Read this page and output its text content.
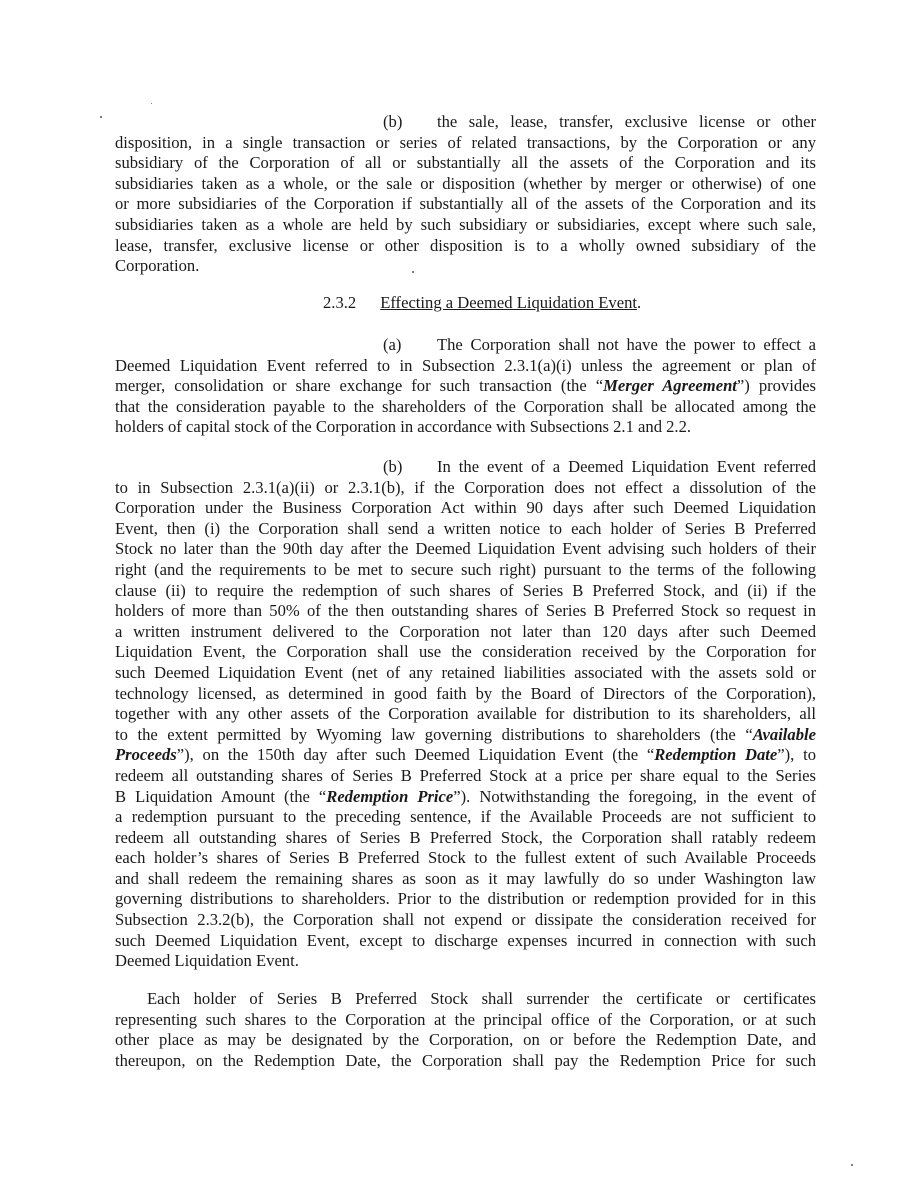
(b) the sale, lease, transfer, exclusive license or other
disposition, in a single transaction or series of related transactions, by the Corporation or any
subsidiary of the Corporation of all or substantially all the assets of the Corporation and its
subsidiaries taken as a whole, or the sale or disposition (whether by merger or otherwise) of one
or more subsidiaries of the Corporation if substantially all of the assets of the Corporation and its
subsidiaries taken as a whole are held by such subsidiary or subsidiaries, except where such sale,
lease, transfer, exclusive license or other disposition is to a wholly owned subsidiary of the
Corporation.
2.3.2 Effecting a Deemed Liquidation Event.
(a) The Corporation shall not have the power to effect a
Deemed Liquidation Event referred to in Subsection 2.3.1(a)(i) unless the agreement or plan of
merger, consolidation or share exchange for such transaction (the “Merger Agreement”) provides
that the consideration payable to the shareholders of the Corporation shall be allocated among the
holders of capital stock of the Corporation in accordance with Subsections 2.1 and 2.2.
(b) In the event of a Deemed Liquidation Event referred
to in Subsection 2.3.1(a)(ii) or 2.3.1(b), if the Corporation does not effect a dissolution of the
Corporation under the Business Corporation Act within 90 days after such Deemed Liquidation
Event, then (i) the Corporation shall send a written notice to each holder of Series B Preferred
Stock no later than the 90th day after the Deemed Liquidation Event advising such holders of their
right (and the requirements to be met to secure such right) pursuant to the terms of the following
clause (ii) to require the redemption of such shares of Series B Preferred Stock, and (ii) if the
holders of more than 50% of the then outstanding shares of Series B Preferred Stock so request in
a written instrument delivered to the Corporation not later than 120 days after such Deemed
Liquidation Event, the Corporation shall use the consideration received by the Corporation for
such Deemed Liquidation Event (net of any retained liabilities associated with the assets sold or
technology licensed, as determined in good faith by the Board of Directors of the Corporation),
together with any other assets of the Corporation available for distribution to its shareholders, all
to the extent permitted by Wyoming law governing distributions to shareholders (the “Available
Proceeds”), on the 150th day after such Deemed Liquidation Event (the “Redemption Date”), to
redeem all outstanding shares of Series B Preferred Stock at a price per share equal to the Series
B Liquidation Amount (the “Redemption Price”). Notwithstanding the foregoing, in the event of
a redemption pursuant to the preceding sentence, if the Available Proceeds are not sufficient to
redeem all outstanding shares of Series B Preferred Stock, the Corporation shall ratably redeem
each holder’s shares of Series B Preferred Stock to the fullest extent of such Available Proceeds
and shall redeem the remaining shares as soon as it may lawfully do so under Washington law
governing distributions to shareholders. Prior to the distribution or redemption provided for in this
Subsection 2.3.2(b), the Corporation shall not expend or dissipate the consideration received for
such Deemed Liquidation Event, except to discharge expenses incurred in connection with such
Deemed Liquidation Event.
Each holder of Series B Preferred Stock shall surrender the certificate or certificates
representing such shares to the Corporation at the principal office of the Corporation, or at such
other place as may be designated by the Corporation, on or before the Redemption Date, and
thereupon, on the Redemption Date, the Corporation shall pay the Redemption Price for such
